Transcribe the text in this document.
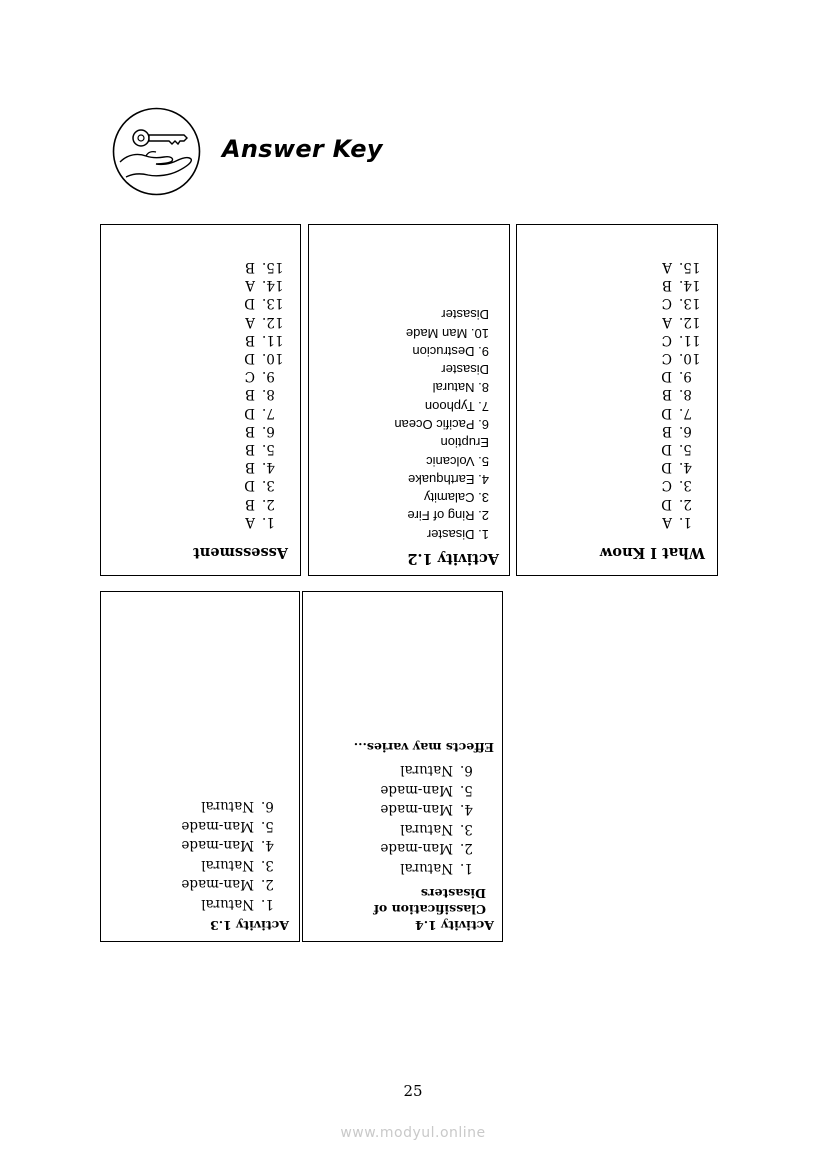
Answer Key
What I Know
1.
A
2.
D
3.
C
4.
D
5.
D
6.
B
7.
D
8.
B
9.
D
10.
C
11.
C
12.
A
13.
C
14.
B
15.
A
Activity 1.2
1. Disaster
2. Ring of Fire
3. Calamity
4. Earthquake
5. Volcanic
Eruption
6. Pacific Ocean
7. Typhoon
8. Natural
Disaster
9. Destrucion
10. Man Made
Disaster
Assessment
1.
A
2.
B
3.
D
4.
B
5.
B
6.
B
7.
D
8.
B
9.
C
10.
D
11.
B
12.
A
13.
D
14.
A
15.
B
Activity 1.4
Classification of
Disasters
1.
Natural
2.
Man-made
3.
Natural
4.
Man-made
5.
Man-made
6.
Natural
Effects may varies...
Activity 1.3
1.
Natural
2.
Man-made
3.
Natural
4.
Man-made
5.
Man-made
6.
Natural
25
www.modyul.online
